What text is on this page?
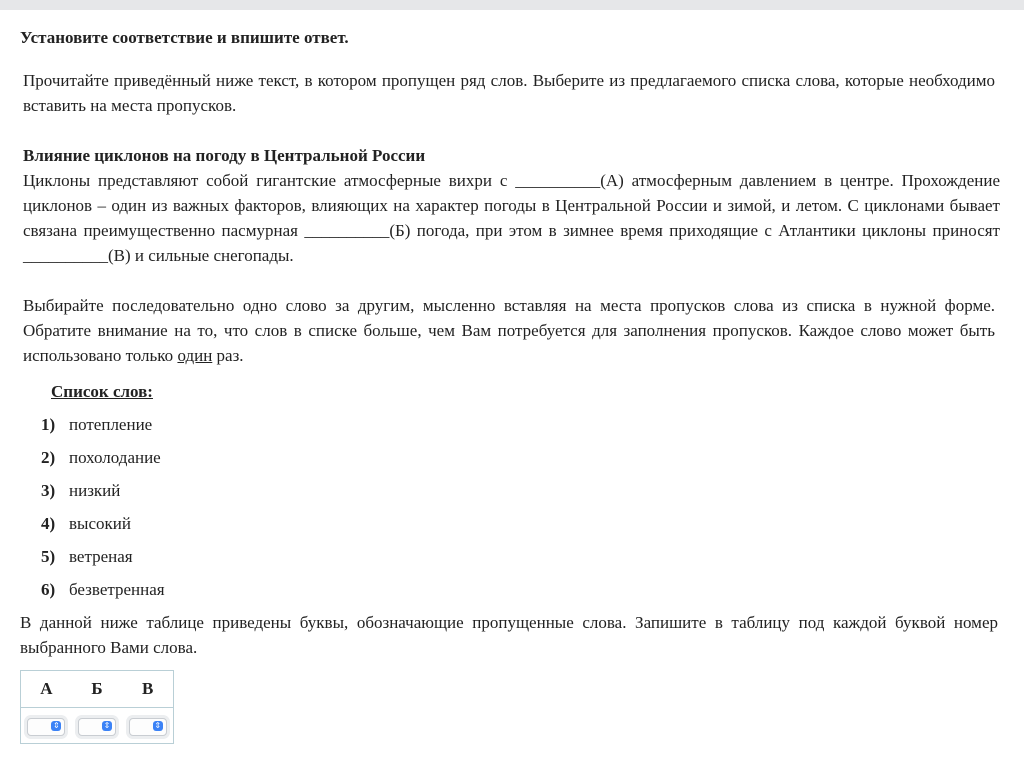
Установите соответствие и впишите ответ.

Прочитайте приведённый ниже текст, в котором пропущен ряд слов. Выберите из предлагаемого списка слова, которые необходимо вставить на места пропусков.

Влияние циклонов на погоду в Центральной России
Циклоны представляют собой гигантские атмосферные вихри с __________(А) атмосферным давлением в центре. Прохождение циклонов – один из важных факторов, влияющих на характер погоды в Центральной России и зимой, и летом. С циклонами бывает связана преимущественно пасмурная __________(Б) погода, при этом в зимнее время приходящие с Атлантики циклоны приносят __________(В) и сильные снегопады.

Выбирайте последовательно одно слово за другим, мысленно вставляя на места пропусков слова из списка в нужной форме. Обратите внимание на то, что слов в списке больше, чем Вам потребуется для заполнения пропусков. Каждое слово может быть использовано только один раз.

Список слов:

1) потепление
2) похолодание
3) низкий
4) высокий
5) ветреная
6) безветренная

В данной ниже таблице приведены буквы, обозначающие пропущенные слова. Запишите в таблицу под каждой буквой номер выбранного Вами слова.

А	Б	В
⇕	⇕	⇕
